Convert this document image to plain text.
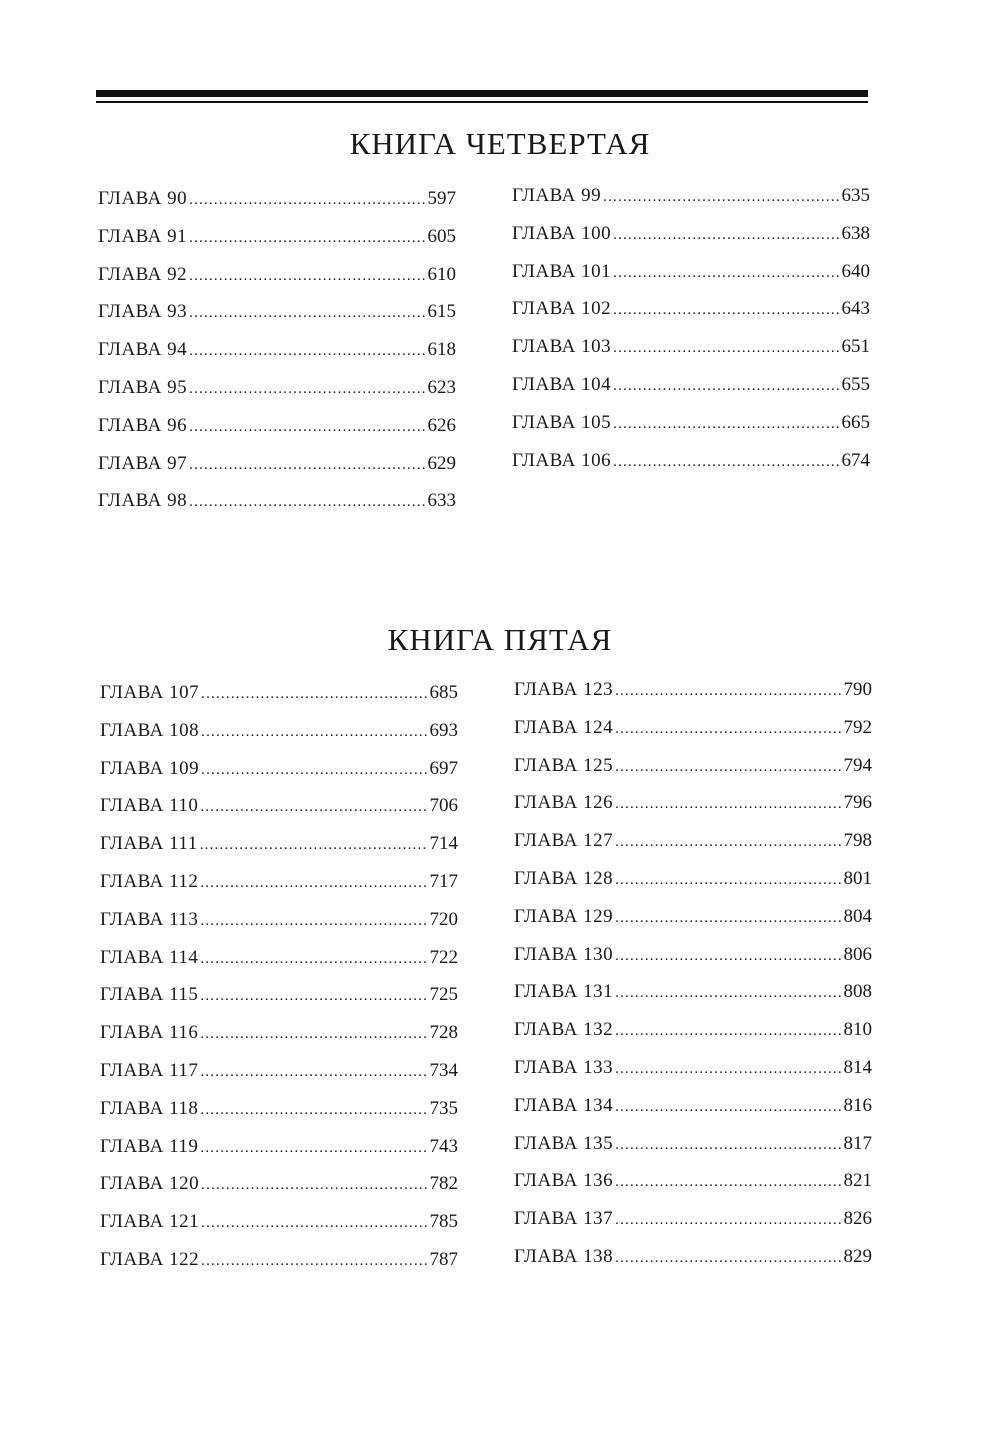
КНИГА ЧЕТВЕРТАЯ
ГЛАВА 90 .....	597
ГЛАВА 91 .....	605
ГЛАВА 92 .....	610
ГЛАВА 93 .....	615
ГЛАВА 94 .....	618
ГЛАВА 95 .....	623
ГЛАВА 96 .....	626
ГЛАВА 97 .....	629
ГЛАВА 98 .....	633
ГЛАВА 99 .....	635
ГЛАВА 100 .....	638
ГЛАВА 101 .....	640
ГЛАВА 102 .....	643
ГЛАВА 103 .....	651
ГЛАВА 104 .....	655
ГЛАВА 105 .....	665
ГЛАВА 106 .....	674
КНИГА ПЯТАЯ
ГЛАВА 107 .....	685
ГЛАВА 108 .....	693
ГЛАВА 109 .....	697
ГЛАВА 110 .....	706
ГЛАВА 111 .....	714
ГЛАВА 112 .....	717
ГЛАВА 113 .....	720
ГЛАВА 114 .....	722
ГЛАВА 115 .....	725
ГЛАВА 116 .....	728
ГЛАВА 117 .....	734
ГЛАВА 118 .....	735
ГЛАВА 119 .....	743
ГЛАВА 120 .....	782
ГЛАВА 121 .....	785
ГЛАВА 122 .....	787
ГЛАВА 123 .....	790
ГЛАВА 124 .....	792
ГЛАВА 125 .....	794
ГЛАВА 126 .....	796
ГЛАВА 127 .....	798
ГЛАВА 128 .....	801
ГЛАВА 129 .....	804
ГЛАВА 130 .....	806
ГЛАВА 131 .....	808
ГЛАВА 132 .....	810
ГЛАВА 133 .....	814
ГЛАВА 134 .....	816
ГЛАВА 135 .....	817
ГЛАВА 136 .....	821
ГЛАВА 137 .....	826
ГЛАВА 138 .....	829
